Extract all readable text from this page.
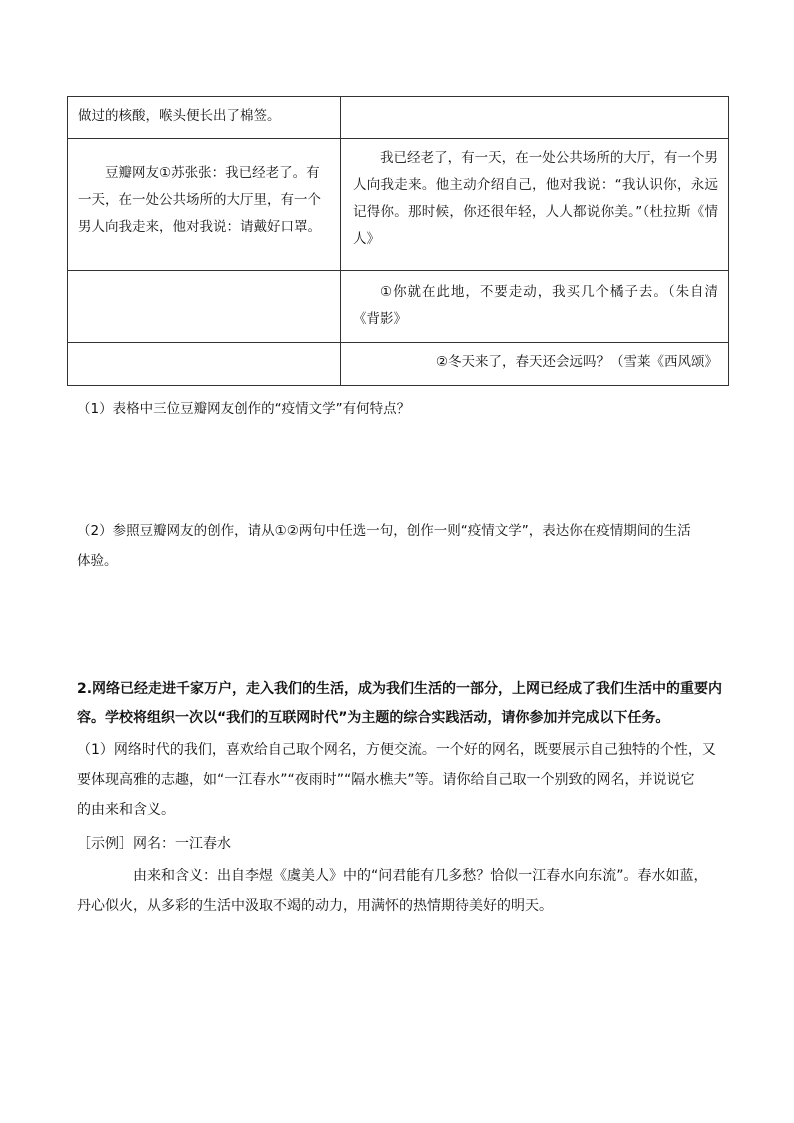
做过的核酸，喉头便长出了棉签。	

豆瓣网友①苏张张：我已经老了。有一天，在一处公共场所的大厅里，有一个男人向我走来，他对我说：请戴好口罩。	我已经老了，有一天，在一处公共场所的大厅，有一个男人向我走来。他主动介绍自己，他对我说：“我认识你，永远记得你。那时候，你还很年轻，人人都说你美。”（杜拉斯《情人》

	①你就在此地，不要走动，我买几个橘子去。（朱自清《背影》

	②冬天来了，春天还会远吗？（雪莱《西风颂》
（1）表格中三位豆瓣网友创作的“疫情文学”有何特点？
（2）参照豆瓣网友的创作，请从①②两句中任选一句，创作一则“疫情文学”，表达你在疫情期间的生活
体验。
2.网络已经走进千家万户，走入我们的生活，成为我们生活的一部分，上网已经成了我们生活中的重要内
容。学校将组织一次以“我们的互联网时代”为主题的综合实践活动，请你参加并完成以下任务。
（1）网络时代的我们，喜欢给自己取个网名，方便交流。一个好的网名，既要展示自己独特的个性，又
要体现高雅的志趣，如“一江春水”“夜雨时”“隔水樵夫”等。请你给自己取一个别致的网名，并说说它
的由来和含义。
［示例］网名：一江春水
由来和含义：出自李煜《虞美人》中的“问君能有几多愁？恰似一江春水向东流”。春水如蓝，
丹心似火，从多彩的生活中汲取不竭的动力，用满怀的热情期待美好的明天。
